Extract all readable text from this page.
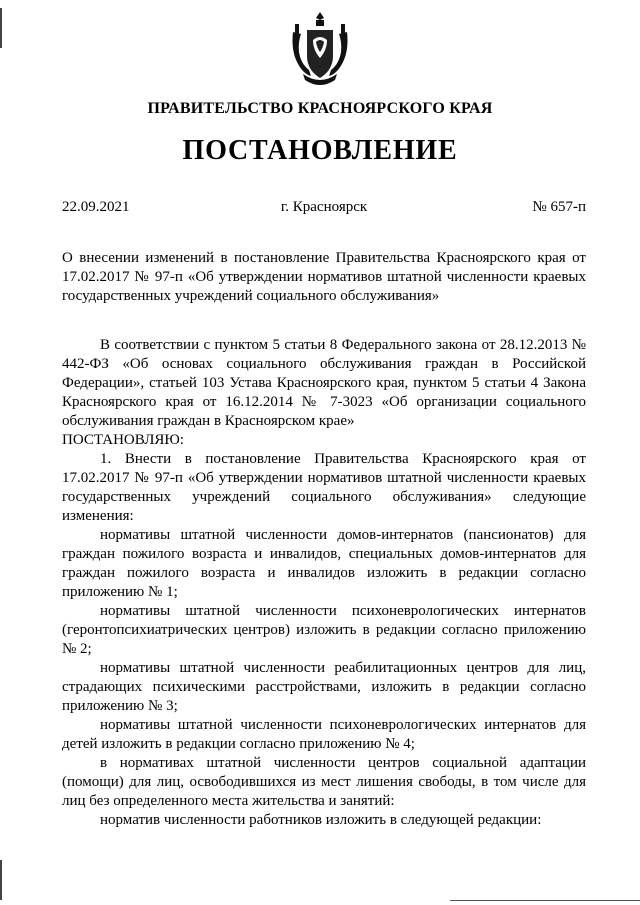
ПРАВИТЕЛЬСТВО КРАСНОЯРСКОГО КРАЯ
ПОСТАНОВЛЕНИЕ
22.09.2021	г. Красноярск	№ 657-п
О внесении изменений в постановление Правительства Красноярского края от 17.02.2017 № 97-п «Об утверждении нормативов штатной численности краевых государственных учреждений социального обслуживания»

В соответствии с пунктом 5 статьи 8 Федерального закона от 28.12.2013 № 442-ФЗ «Об основах социального обслуживания граждан в Российской Федерации», статьей 103 Устава Красноярского края, пунктом 5 статьи 4 Закона Красноярского края от 16.12.2014 № 7-3023 «Об организации социального обслуживания граждан в Красноярском крае»

ПОСТАНОВЛЯЮ:

1. Внести в постановление Правительства Красноярского края от 17.02.2017 № 97-п «Об утверждении нормативов штатной численности краевых государственных учреждений социального обслуживания» следующие изменения:

нормативы штатной численности домов-интернатов (пансионатов) для граждан пожилого возраста и инвалидов, специальных домов-интернатов для граждан пожилого возраста и инвалидов изложить в редакции согласно приложению № 1;

нормативы штатной численности психоневрологических интернатов (геронтопсихиатрических центров) изложить в редакции согласно приложению № 2;

нормативы штатной численности реабилитационных центров для лиц, страдающих психическими расстройствами, изложить в редакции согласно приложению № 3;

нормативы штатной численности психоневрологических интернатов для детей изложить в редакции согласно приложению № 4;

в нормативах штатной численности центров социальной адаптации (помощи) для лиц, освободившихся из мест лишения свободы, в том числе для лиц без определенного места жительства и занятий:

норматив численности работников изложить в следующей редакции:
